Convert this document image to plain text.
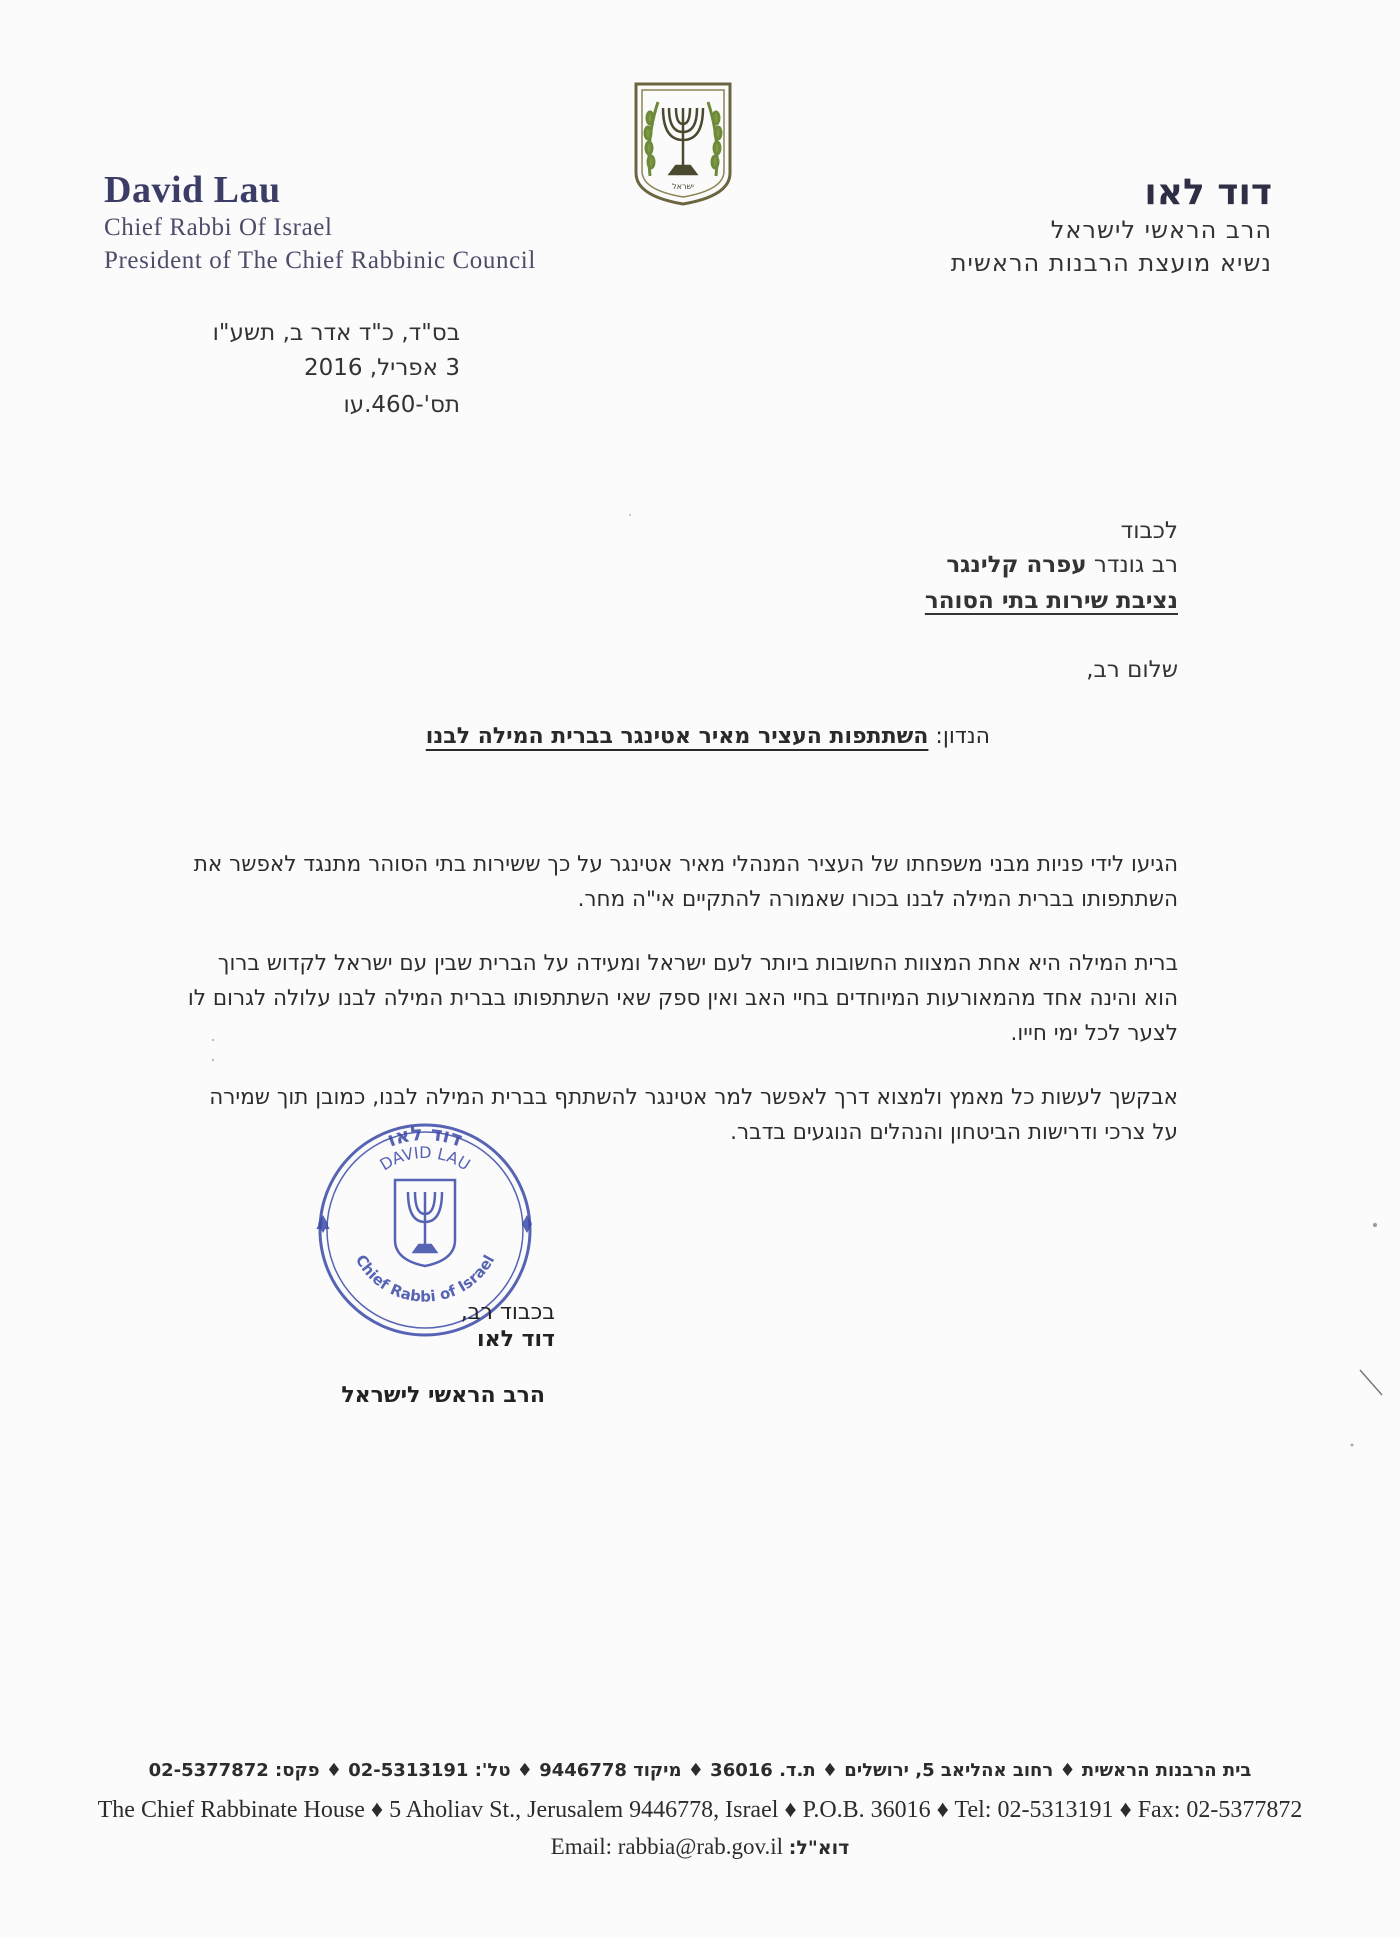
David Lau
Chief Rabbi Of Israel
President of The Chief Rabbinic Council
ישראל	דוד לאו
הרב הראשי לישראל
נשיא מועצת הרבנות הראשית
בס"ד, כ"ד אדר ב, תשע"ו
3 אפריל, 2016
תס'-460.עו
לכבוד
רב גונדר עפרה קלינגר
נציבת שירות בתי הסוהר
שלום רב,
הנדון: השתתפות העציר מאיר אטינגר בברית המילה לבנו
הגיעו לידי פניות מבני משפחתו של העציר המנהלי מאיר אטינגר על כך ששירות בתי הסוהר מתנגד לאפשר את השתתפותו בברית המילה לבנו בכורו שאמורה להתקיים אי"ה מחר.
ברית המילה היא אחת המצוות החשובות ביותר לעם ישראל ומעידה על הברית שבין עם ישראל לקדוש ברוך הוא והינה אחד מהמאורעות המיוחדים בחיי האב ואין ספק שאי השתתפותו בברית המילה לבנו עלולה לגרום לו לצער לכל ימי חייו.
אבקשך לעשות כל מאמץ ולמצוא דרך לאפשר למר אטינגר להשתתף בברית המילה לבנו, כמובן תוך שמירה על צרכי ודרישות הביטחון והנהלים הנוגעים בדבר.
דוד לאו
DAVID LAU
Chief Rabbi of Israel
בכבוד רב,
דוד לאו
הרב הראשי לישראל
בית הרבנות הראשית ♦ רחוב אהליאב 5, ירושלים ♦ ת.ד. 36016 ♦ מיקוד 9446778 ♦ טל': 02-5313191 ♦ פקס: 02-5377872
The Chief Rabbinate House ♦ 5 Aholiav St., Jerusalem 9446778, Israel ♦ P.O.B. 36016 ♦ Tel: 02-5313191 ♦ Fax: 02-5377872
Email: rabbia@rab.gov.il :דוא"ל
